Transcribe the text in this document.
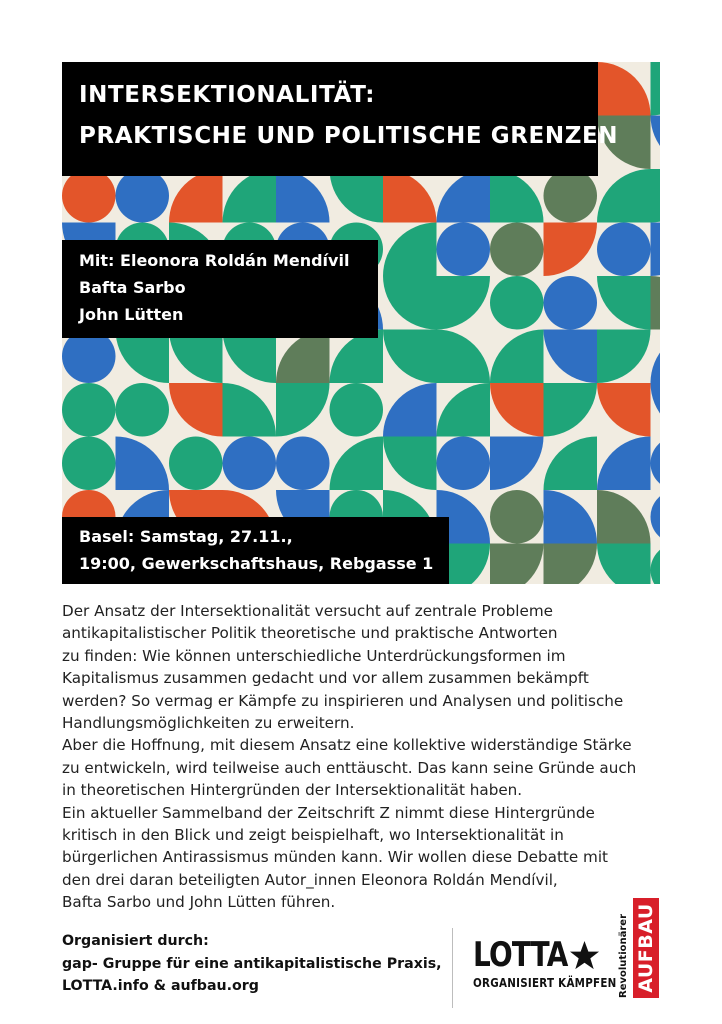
INTERSEKTIONALITÄT:
PRAKTISCHE UND POLITISCHE GRENZEN
Mit: Eleonora Roldán Mendívil
Bafta Sarbo
John Lütten
Basel: Samstag, 27.11.,
19:00, Gewerkschaftshaus, Rebgasse 1
Der Ansatz der Intersektionalität versucht auf zentrale Probleme
antikapitalistischer Politik theoretische und praktische Antworten
zu finden: Wie können unterschiedliche Unterdrückungsformen im
Kapitalismus zusammen gedacht und vor allem zusammen bekämpft
werden? So vermag er Kämpfe zu inspirieren und Analysen und politische
Handlungsmöglichkeiten zu erweitern.
Aber die Hoffnung, mit diesem Ansatz eine kollektive widerständige Stärke
zu entwickeln, wird teilweise auch enttäuscht. Das kann seine Gründe auch
in theoretischen Hintergründen der Intersektionalität haben.
Ein aktueller Sammelband der Zeitschrift Z nimmt diese Hintergründe
kritisch in den Blick und zeigt beispielhaft, wo Intersektionalität in
bürgerlichen Antirassismus münden kann. Wir wollen diese Debatte mit
den drei daran beteiligten Autor_innen Eleonora Roldán Mendívil,
Bafta Sarbo und John Lütten führen.
Organisiert durch:
gap- Gruppe für eine antikapitalistische Praxis,
LOTTA.info & aufbau.org
LOTTA
ORGANISIERT KÄMPFEN Revolutionärer AUFBAU
